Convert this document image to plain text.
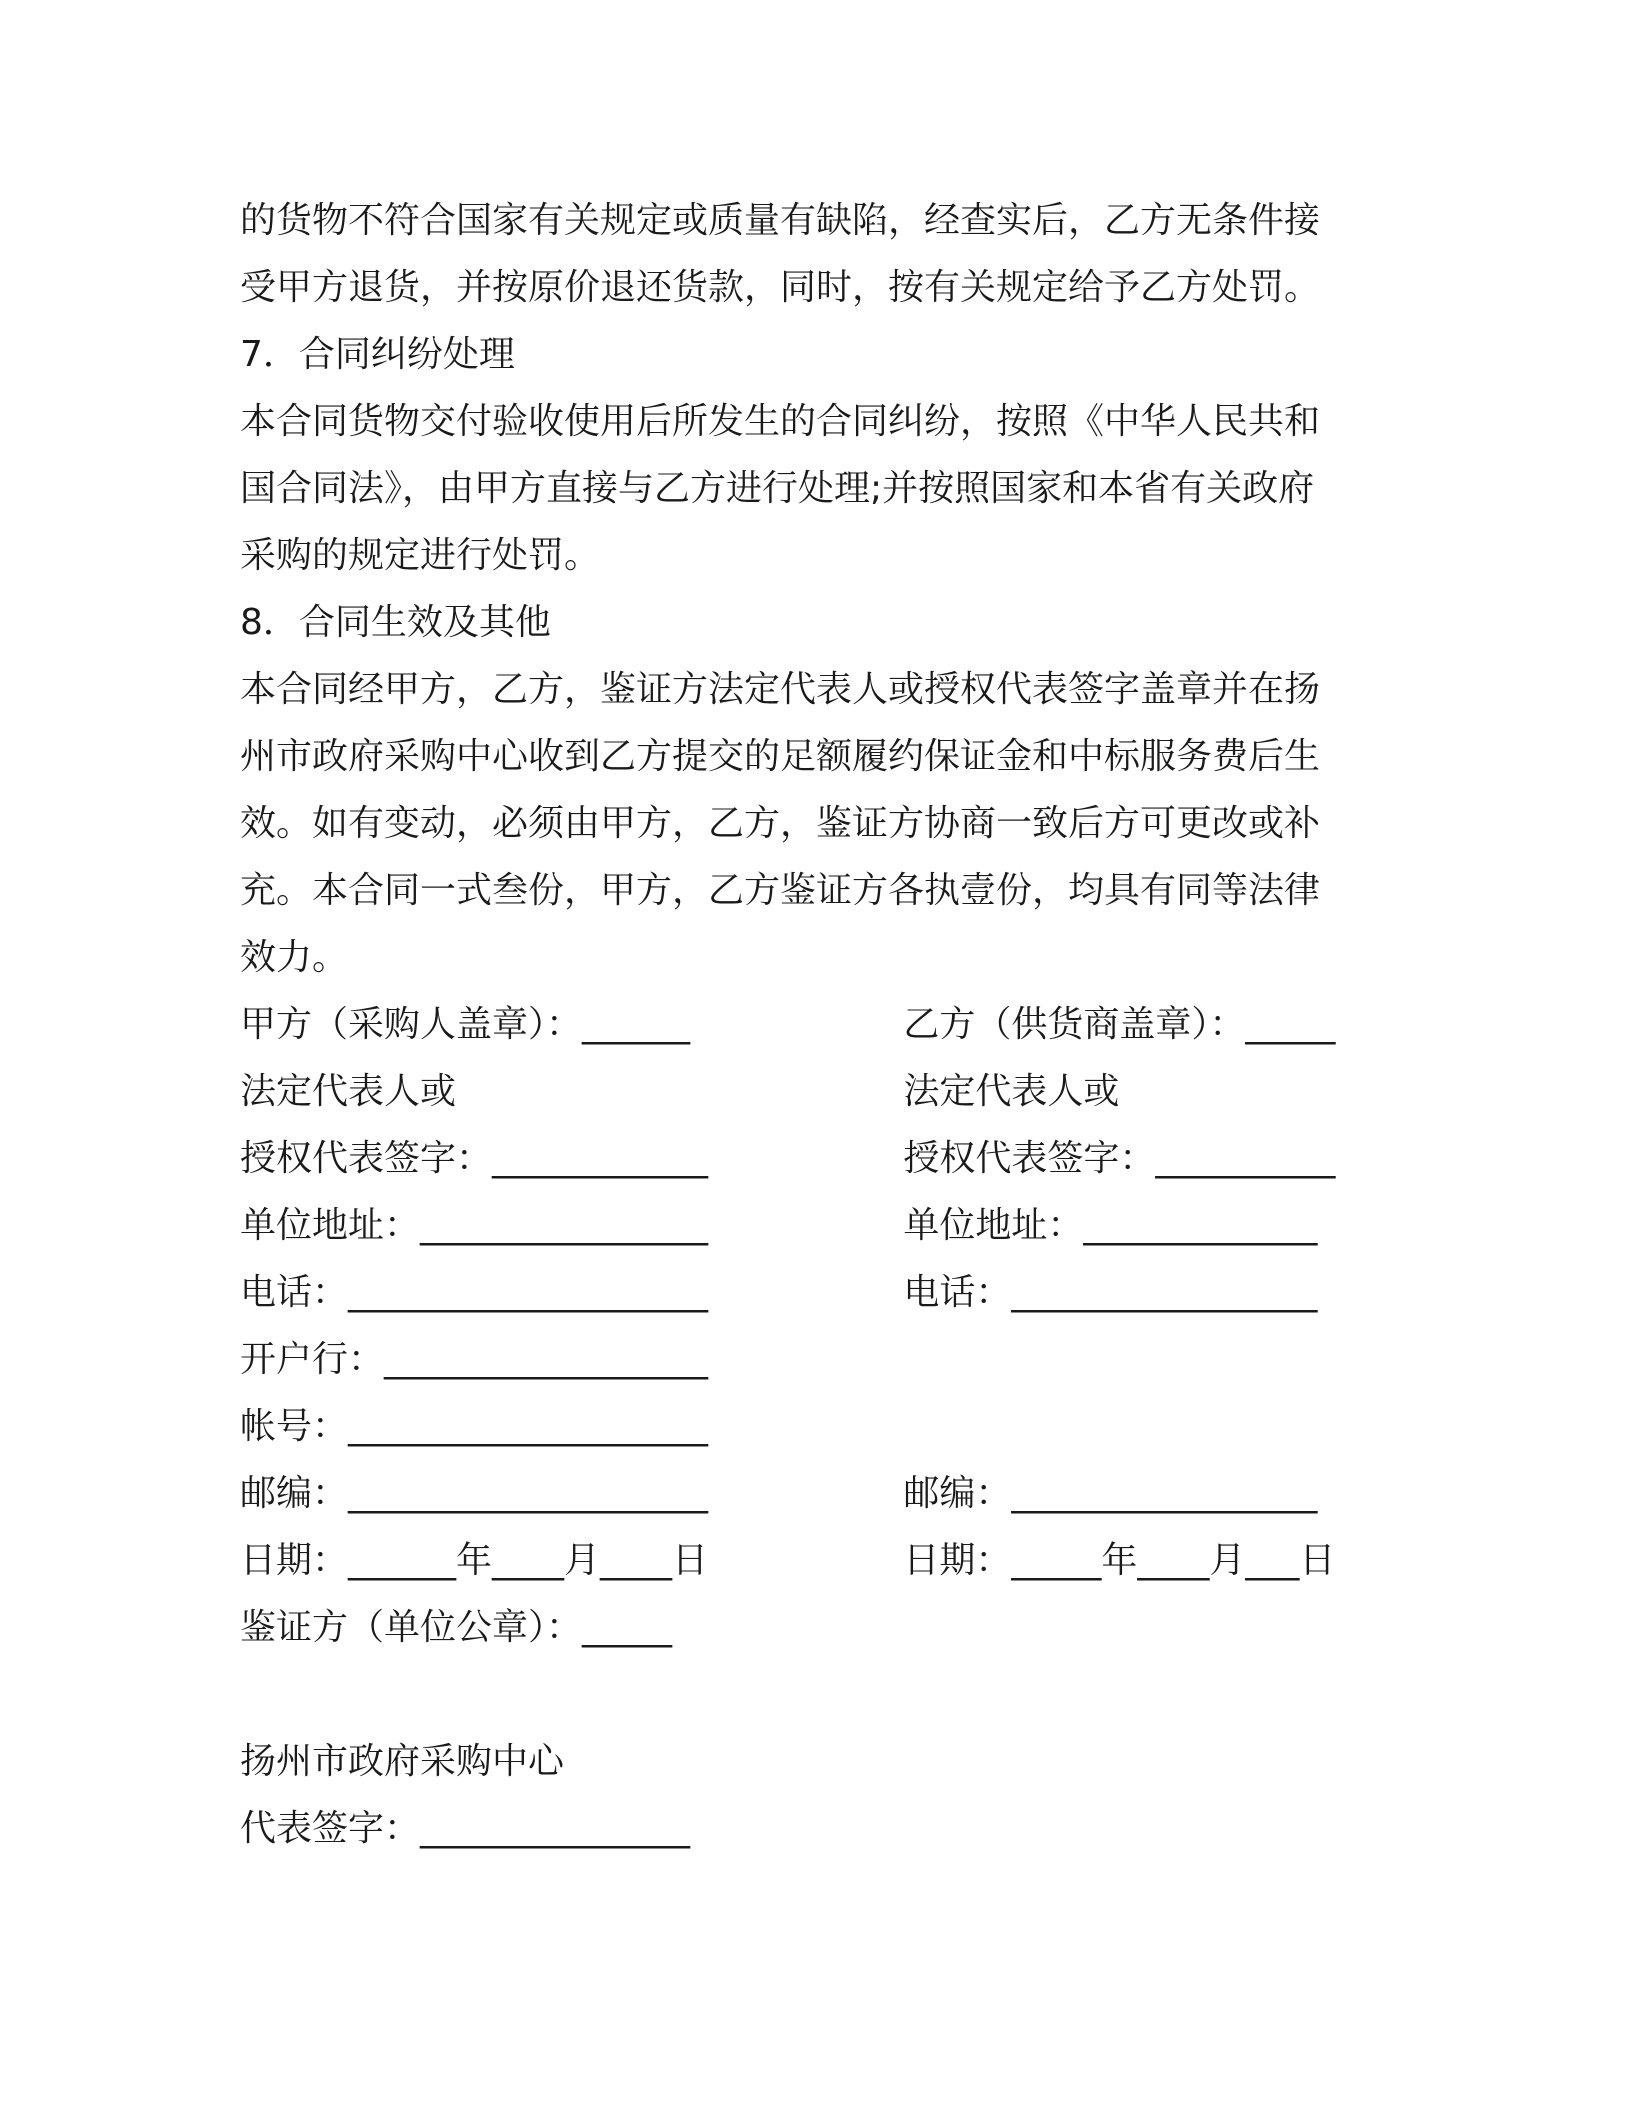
的货物不符合国家有关规定或质量有缺陷，经查实后，乙方无条件接
受甲方退货，并按原价退还货款，同时，按有关规定给予乙方处罚。
7．合同纠纷处理
本合同货物交付验收使用后所发生的合同纠纷，按照《中华人民共和
国合同法》，由甲方直接与乙方进行处理;并按照国家和本省有关政府
采购的规定进行处罚。
8．合同生效及其他
本合同经甲方，乙方，鉴证方法定代表人或授权代表签字盖章并在扬
州市政府采购中心收到乙方提交的足额履约保证金和中标服务费后生
效。如有变动，必须由甲方，乙方，鉴证方协商一致后方可更改或补
充。本合同一式叁份，甲方，乙方鉴证方各执壹份，均具有同等法律
效力。
甲方（采购人盖章）：______	乙方（供货商盖章）：_____
法定代表人或	法定代表人或
授权代表签字：____________	授权代表签字：__________
单位地址：________________	单位地址：_____________
电话：____________________	电话：_________________
开户行：__________________
帐号：____________________
邮编：____________________	邮编：_________________
日期：______年____月____日	日期：_____年____月___日
鉴证方（单位公章）：_____
扬州市政府采购中心
代表签字：_______________
